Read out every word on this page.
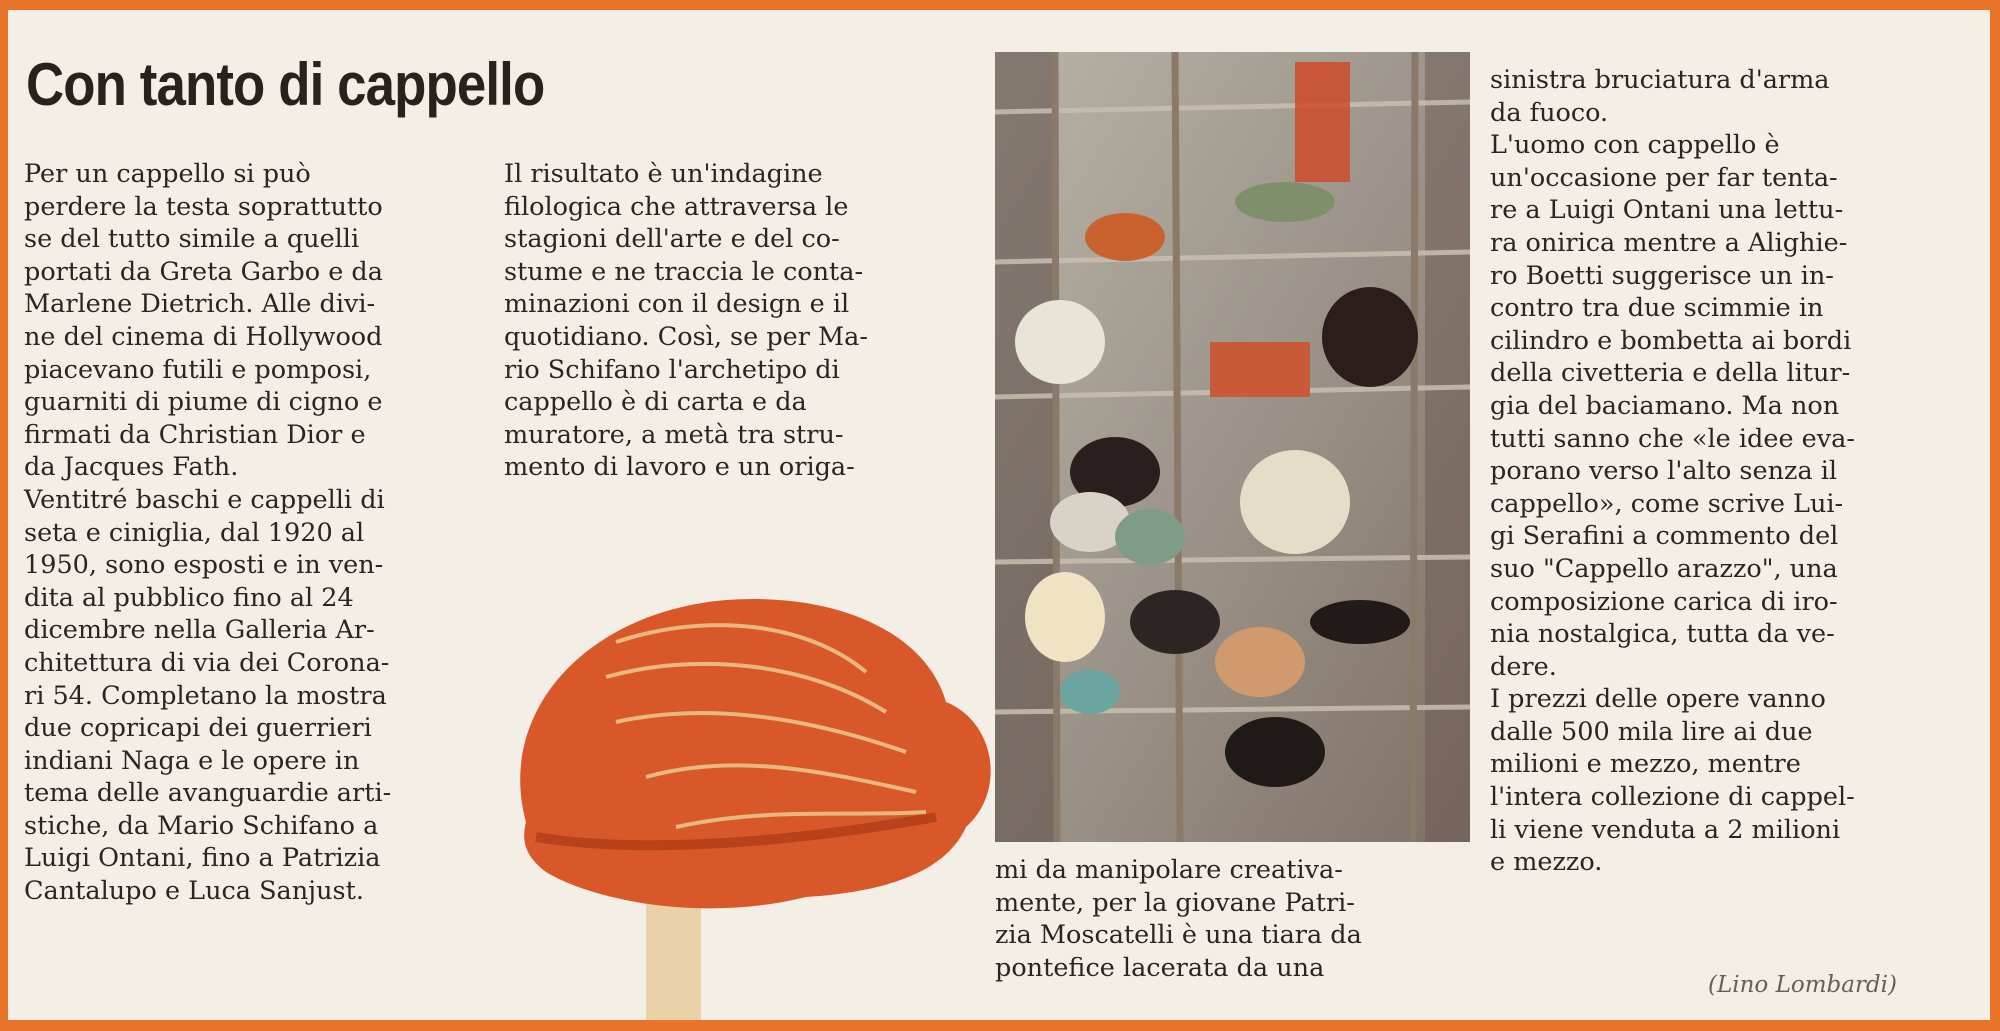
Con tanto di cappello
Per un cappello si può
perdere la testa soprattutto
se del tutto simile a quelli
portati da Greta Garbo e da
Marlene Dietrich. Alle divi-
ne del cinema di Hollywood
piacevano futili e pomposi,
guarniti di piume di cigno e
firmati da Christian Dior e
da Jacques Fath.
Ventitré baschi e cappelli di
seta e ciniglia, dal 1920 al
1950, sono esposti e in ven-
dita al pubblico fino al 24
dicembre nella Galleria Ar-
chitettura di via dei Corona-
ri 54. Completano la mostra
due copricapi dei guerrieri
indiani Naga e le opere in
tema delle avanguardie arti-
stiche, da Mario Schifano a
Luigi Ontani, fino a Patrizia
Cantalupo e Luca Sanjust.
Il risultato è un'indagine
filologica che attraversa le
stagioni dell'arte e del co-
stume e ne traccia le conta-
minazioni con il design e il
quotidiano. Così, se per Ma-
rio Schifano l'archetipo di
cappello è di carta e da
muratore, a metà tra stru-
mento di lavoro e un origa-
mi da manipolare creativa-
mente, per la giovane Patri-
zia Moscatelli è una tiara da
pontefice lacerata da una
sinistra bruciatura d'arma
da fuoco.
L'uomo con cappello è
un'occasione per far tenta-
re a Luigi Ontani una lettu-
ra onirica mentre a Alighie-
ro Boetti suggerisce un in-
contro tra due scimmie in
cilindro e bombetta ai bordi
della civetteria e della litur-
gia del baciamano. Ma non
tutti sanno che «le idee eva-
porano verso l'alto senza il
cappello», come scrive Lui-
gi Serafini a commento del
suo "Cappello arazzo", una
composizione carica di iro-
nia nostalgica, tutta da ve-
dere.
I prezzi delle opere vanno
dalle 500 mila lire ai due
milioni e mezzo, mentre
l'intera collezione di cappel-
li viene venduta a 2 milioni
e mezzo.
(Lino Lombardi)
